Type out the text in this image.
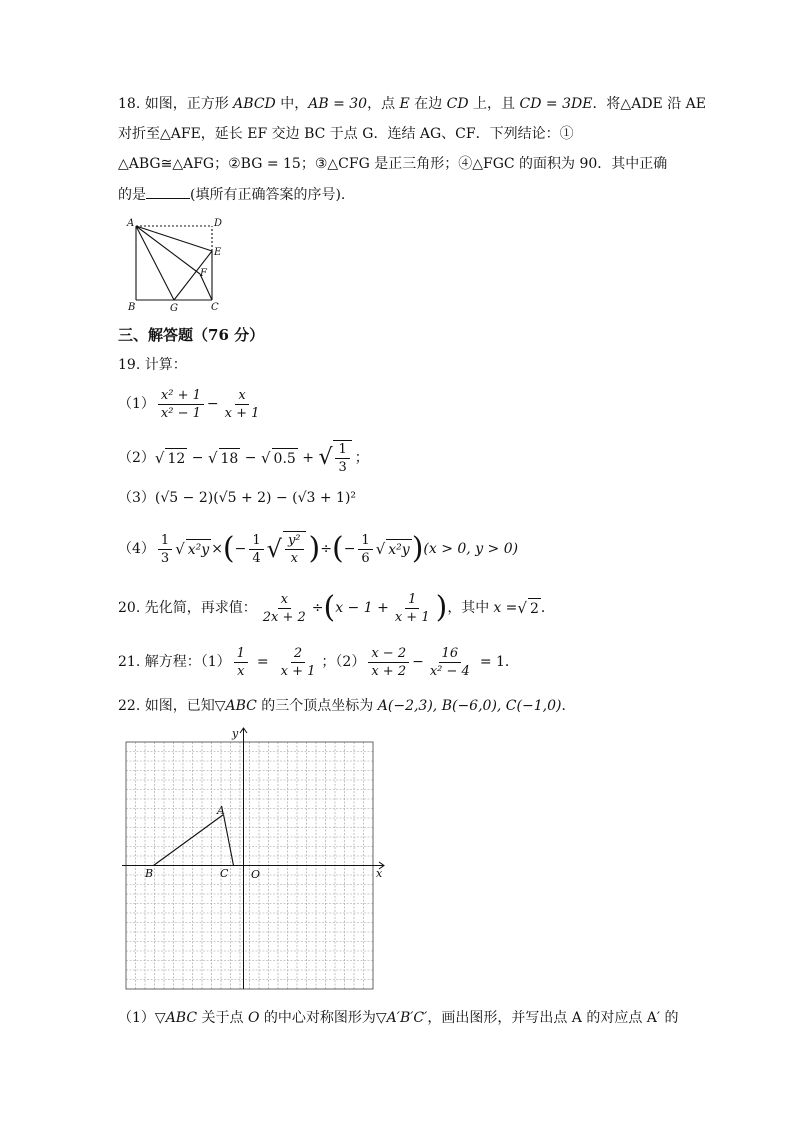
18. 如图，正方形 ABCD 中，AB = 30，点 E 在边 CD 上，且 CD = 3DE．将△ADE 沿 AE
对折至△AFE，延长 EF 交边 BC 于点 G．连结 AG、CF．下列结论：①
△ABG≅△AFG；②BG = 15；③△CFG 是正三角形；④△FGC 的面积为 90．其中正确
的是	(填所有正确答案的序号).
A	D
E
F
B	G	C
三、解答题（76 分）
19. 计算：
$(1) \frac{\text{x² + 1}}{\text{x² − 1}} - \frac{x}{x + 1}$
（2） √ 12 − √ 18 − √ 0.5 + √ $\frac{1}{3}$ ；
（3）(√5 − 2)(√5 + 2) − (√3 + 1)²
$(4) \frac{1}{3}$ √ x²y × ( − $\frac{1}{4}$ √ $\frac{\text{y²}}{x}$ ) ÷ ( − $\frac{1}{6}$ √ x²y ) (x > 0, y > 0)
20. 先化简，再求值： $\frac{x}{2x + 2}$ ÷ ( $x - 1 + \frac{1}{x + 1}$ ) ，其中 x = √ 2 ．
21. 解方程：$(1) \frac{1}{x} = \frac{2}{x + 1}$ ；$(2) \frac{x - 2}{x + 2} - \frac{16}{\text{x² − 4}} = 1$．
22. 如图，已知▽ABC 的三个顶点坐标为 A(−2,3), B(−6,0), C(−1,0)．
y
x
O
A
B	C
（1）▽ABC 关于点 O 的中心对称图形为▽A′B′C′，画出图形，并写出点 A 的对应点 A′ 的
